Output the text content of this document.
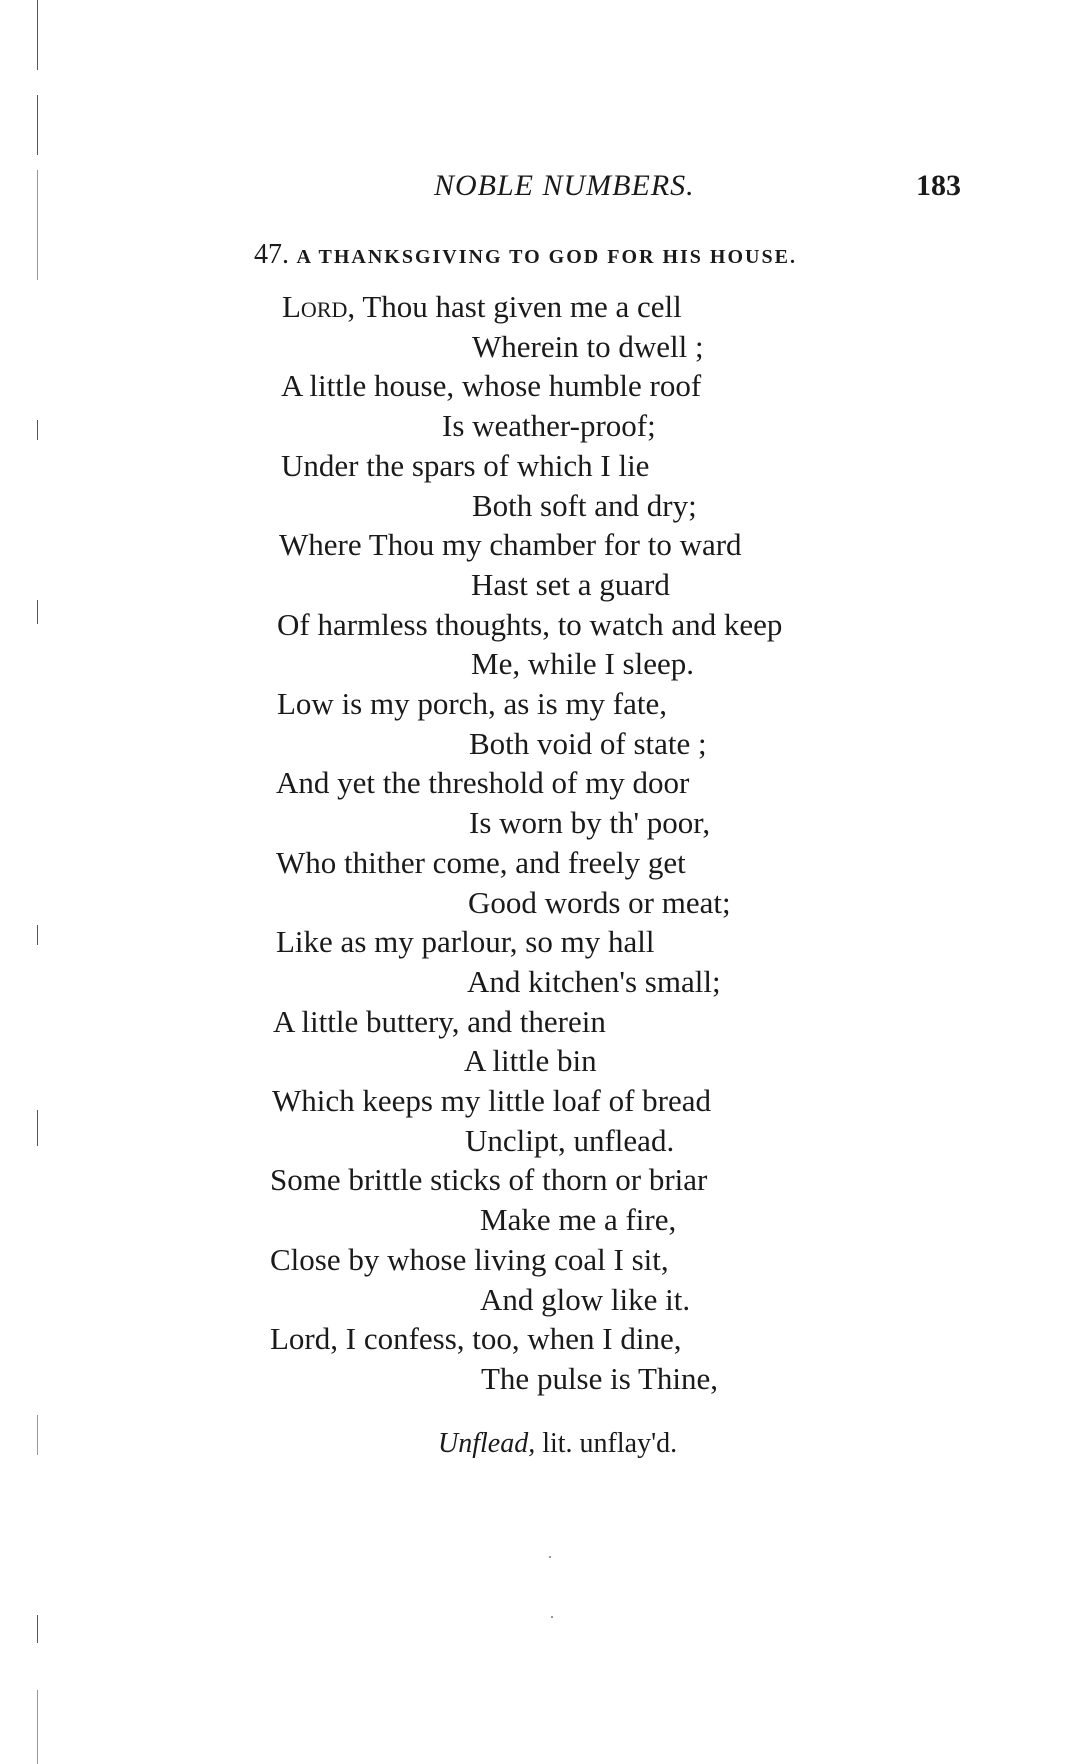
NOBLE NUMBERS.	183
47. A THANKSGIVING TO GOD FOR HIS HOUSE.
Lord, Thou hast given me a cell
Wherein to dwell ;
A little house, whose humble roof
Is weather-proof;
Under the spars of which I lie
Both soft and dry;
Where Thou my chamber for to ward
Hast set a guard
Of harmless thoughts, to watch and keep
Me, while I sleep.
Low is my porch, as is my fate,
Both void of state ;
And yet the threshold of my door
Is worn by th' poor,
Who thither come, and freely get
Good words or meat;
Like as my parlour, so my hall
And kitchen's small;
A little buttery, and therein
A little bin
Which keeps my little loaf of bread
Unclipt, unflead.
Some brittle sticks of thorn or briar
Make me a fire,
Close by whose living coal I sit,
And glow like it.
Lord, I confess, too, when I dine,
The pulse is Thine,
Unflead, lit. unflay'd.
